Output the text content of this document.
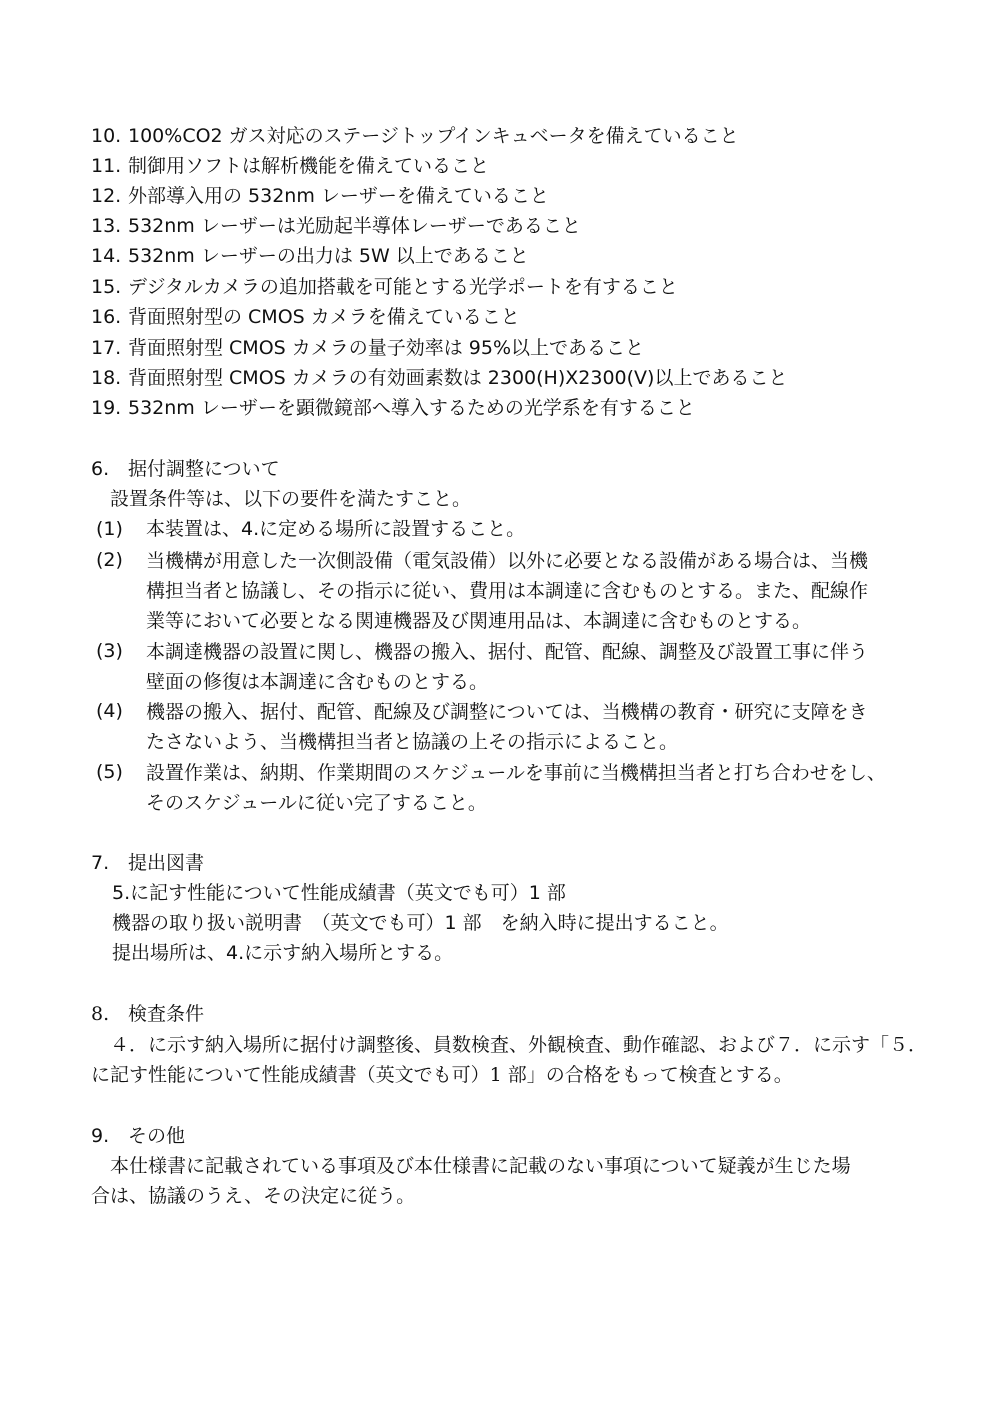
10. 100%CO2 ガス対応のステージトップインキュベータを備えていること
11. 制御用ソフトは解析機能を備えていること
12. 外部導入用の 532nm レーザーを備えていること
13. 532nm レーザーは光励起半導体レーザーであること
14. 532nm レーザーの出力は 5W 以上であること
15. デジタルカメラの追加搭載を可能とする光学ポートを有すること
16. 背面照射型の CMOS カメラを備えていること
17. 背面照射型 CMOS カメラの量子効率は 95%以上であること
18. 背面照射型 CMOS カメラの有効画素数は 2300(H)X2300(V)以上であること
19. 532nm レーザーを顕微鏡部へ導入するための光学系を有すること
6. 据付調整について
設置条件等は、以下の要件を満たすこと。
(1) 本装置は、4.に定める場所に設置すること。
(2) 当機構が用意した一次側設備（電気設備）以外に必要となる設備がある場合は、当機
構担当者と協議し、その指示に従い、費用は本調達に含むものとする。また、配線作
業等において必要となる関連機器及び関連用品は、本調達に含むものとする。
(3) 本調達機器の設置に関し、機器の搬入、据付、配管、配線、調整及び設置工事に伴う
壁面の修復は本調達に含むものとする。
(4) 機器の搬入、据付、配管、配線及び調整については、当機構の教育・研究に支障をき
たさないよう、当機構担当者と協議の上その指示によること。
(5) 設置作業は、納期、作業期間のスケジュールを事前に当機構担当者と打ち合わせをし、
そのスケジュールに従い完了すること。
7. 提出図書
5.に記す性能について性能成績書（英文でも可）1 部
機器の取り扱い説明書　（英文でも可）1 部　を納入時に提出すること。
提出場所は、4.に示す納入場所とする。
8. 検査条件
４．に示す納入場所に据付け調整後、員数検査、外観検査、動作確認、および７．に示す「５．
に記す性能について性能成績書（英文でも可）1 部」の合格をもって検査とする。
9. その他
本仕様書に記載されている事項及び本仕様書に記載のない事項について疑義が生じた場
合は、協議のうえ、その決定に従う。
